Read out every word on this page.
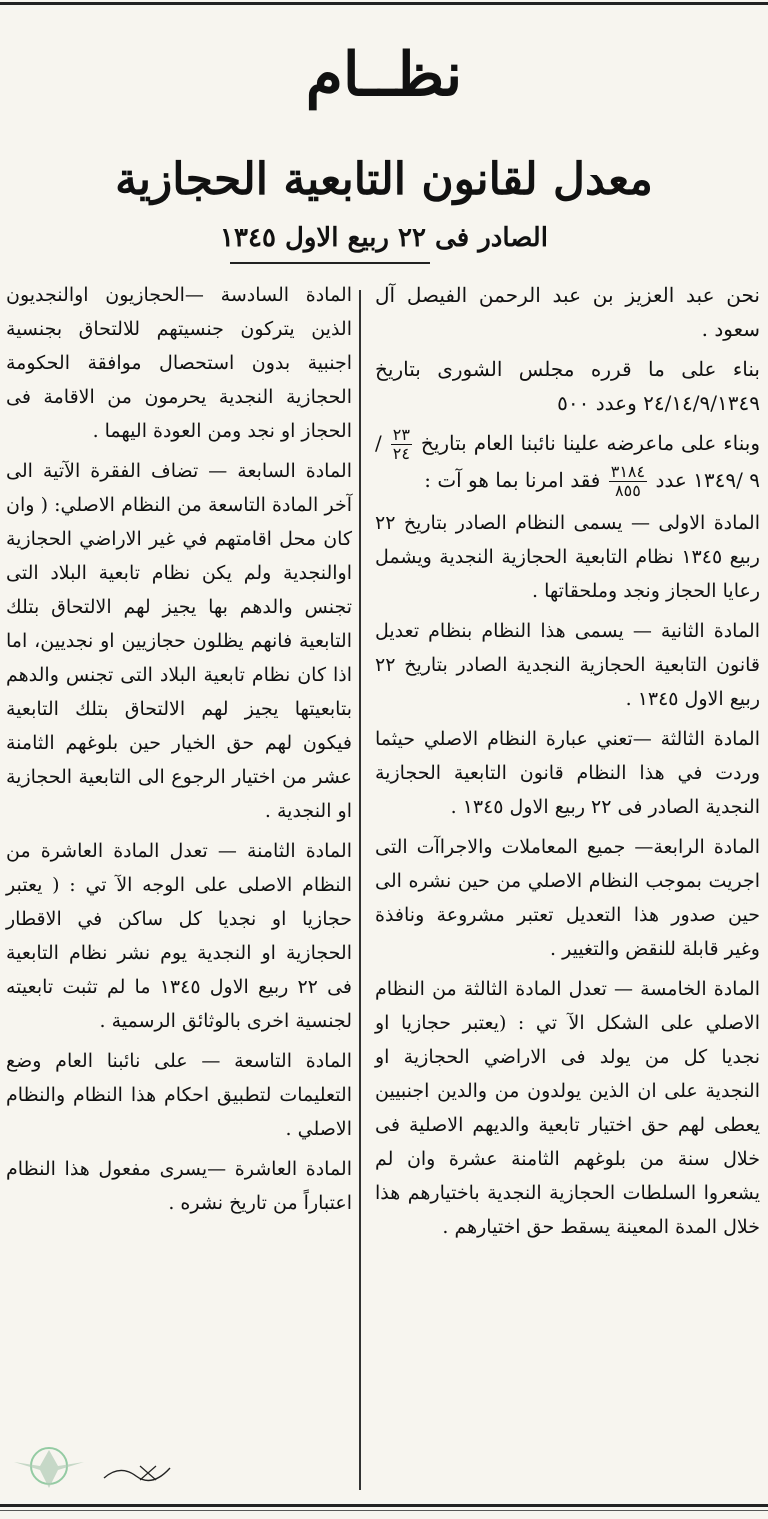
نظــام
معدل لقانون التابعية الحجازية
الصادر فى ٢٢ ربيع الاول ١٣٤٥

نحن عبد العزيز بن عبد الرحمن الفيصل آل سعود .

بناء على ما قرره مجلس الشورى بتاريخ ٢٤/١٤/٩/١٣٤٩ وعدد ٥٠٠

وبناء على ماعرضه علينا نائبنا العام بتاريخ
$\frac{٢٣}{٢٤}$
/ ٩ /١٣٤٩ عدد
$\frac{٣١٨٤}{٨٥٥}$
فقد امرنا بما هو آت :

المادة الاولى — يسمى النظام الصادر بتاريخ ٢٢ ربيع ١٣٤٥ نظام التابعية الحجازية النجدية ويشمل رعايا الحجاز ونجد وملحقاتها .

المادة الثانية — يسمى هذا النظام بنظام تعديل قانون التابعية الحجازية النجدية الصادر بتاريخ ٢٢ ربيع الاول ١٣٤٥ .

المادة الثالثة —تعني عبارة النظام الاصلي حيثما وردت في هذا النظام قانون التابعية الحجازية النجدية الصادر فى ٢٢ ربيع الاول ١٣٤٥ .

المادة الرابعة— جميع المعاملات والاجراآت التى اجريت بموجب النظام الاصلي من حين نشره الى حين صدور هذا التعديل تعتبر مشروعة ونافذة وغير قابلة للنقض والتغيير .

المادة الخامسة — تعدل المادة الثالثة من النظام الاصلي على الشكل الآ تي : (يعتبر حجازيا او نجديا كل من يولد فى الاراضي الحجازية او النجدية على ان الذين يولدون من والدين اجنبيين يعطى لهم حق اختيار تابعية والديهم الاصلية فى خلال سنة من بلوغهم الثامنة عشرة وان لم يشعروا السلطات الحجازية النجدية باختيارهم هذا خلال المدة المعينة يسقط حق اختيارهم .

المادة السادسة —الحجازيون اوالنجديون الذين يتركون جنسيتهم للالتحاق بجنسية اجنبية بدون استحصال موافقة الحكومة الحجازية النجدية يحرمون من الاقامة فى الحجاز او نجد ومن العودة اليهما .

المادة السابعة — تضاف الفقرة الآتية الى آخر المادة التاسعة من النظام الاصلي: ( وان كان محل اقامتهم في غير الاراضي الحجازية اوالنجدية ولم يكن نظام تابعية البلاد التى تجنس والدهم بها يجيز لهم الالتحاق بتلك التابعية فانهم يظلون حجازيين او نجديين، اما اذا كان نظام تابعية البلاد التى تجنس والدهم بتابعيتها يجيز لهم الالتحاق بتلك التابعية فيكون لهم حق الخيار حين بلوغهم الثامنة عشر من اختيار الرجوع الى التابعية الحجازية او النجدية .

المادة الثامنة — تعدل المادة العاشرة من النظام الاصلى على الوجه الآ تي : ( يعتبر حجازيا او نجديا كل ساكن في الاقطار الحجازية او النجدية يوم نشر نظام التابعية فى ٢٢ ربيع الاول ١٣٤٥ ما لم تثبت تابعيته لجنسية اخرى بالوثائق الرسمية .

المادة التاسعة — على نائبنا العام وضع التعليمات لتطبيق احكام هذا النظام والنظام الاصلي .

المادة العاشرة —يسرى مفعول هذا النظام اعتباراً من تاريخ نشره .
